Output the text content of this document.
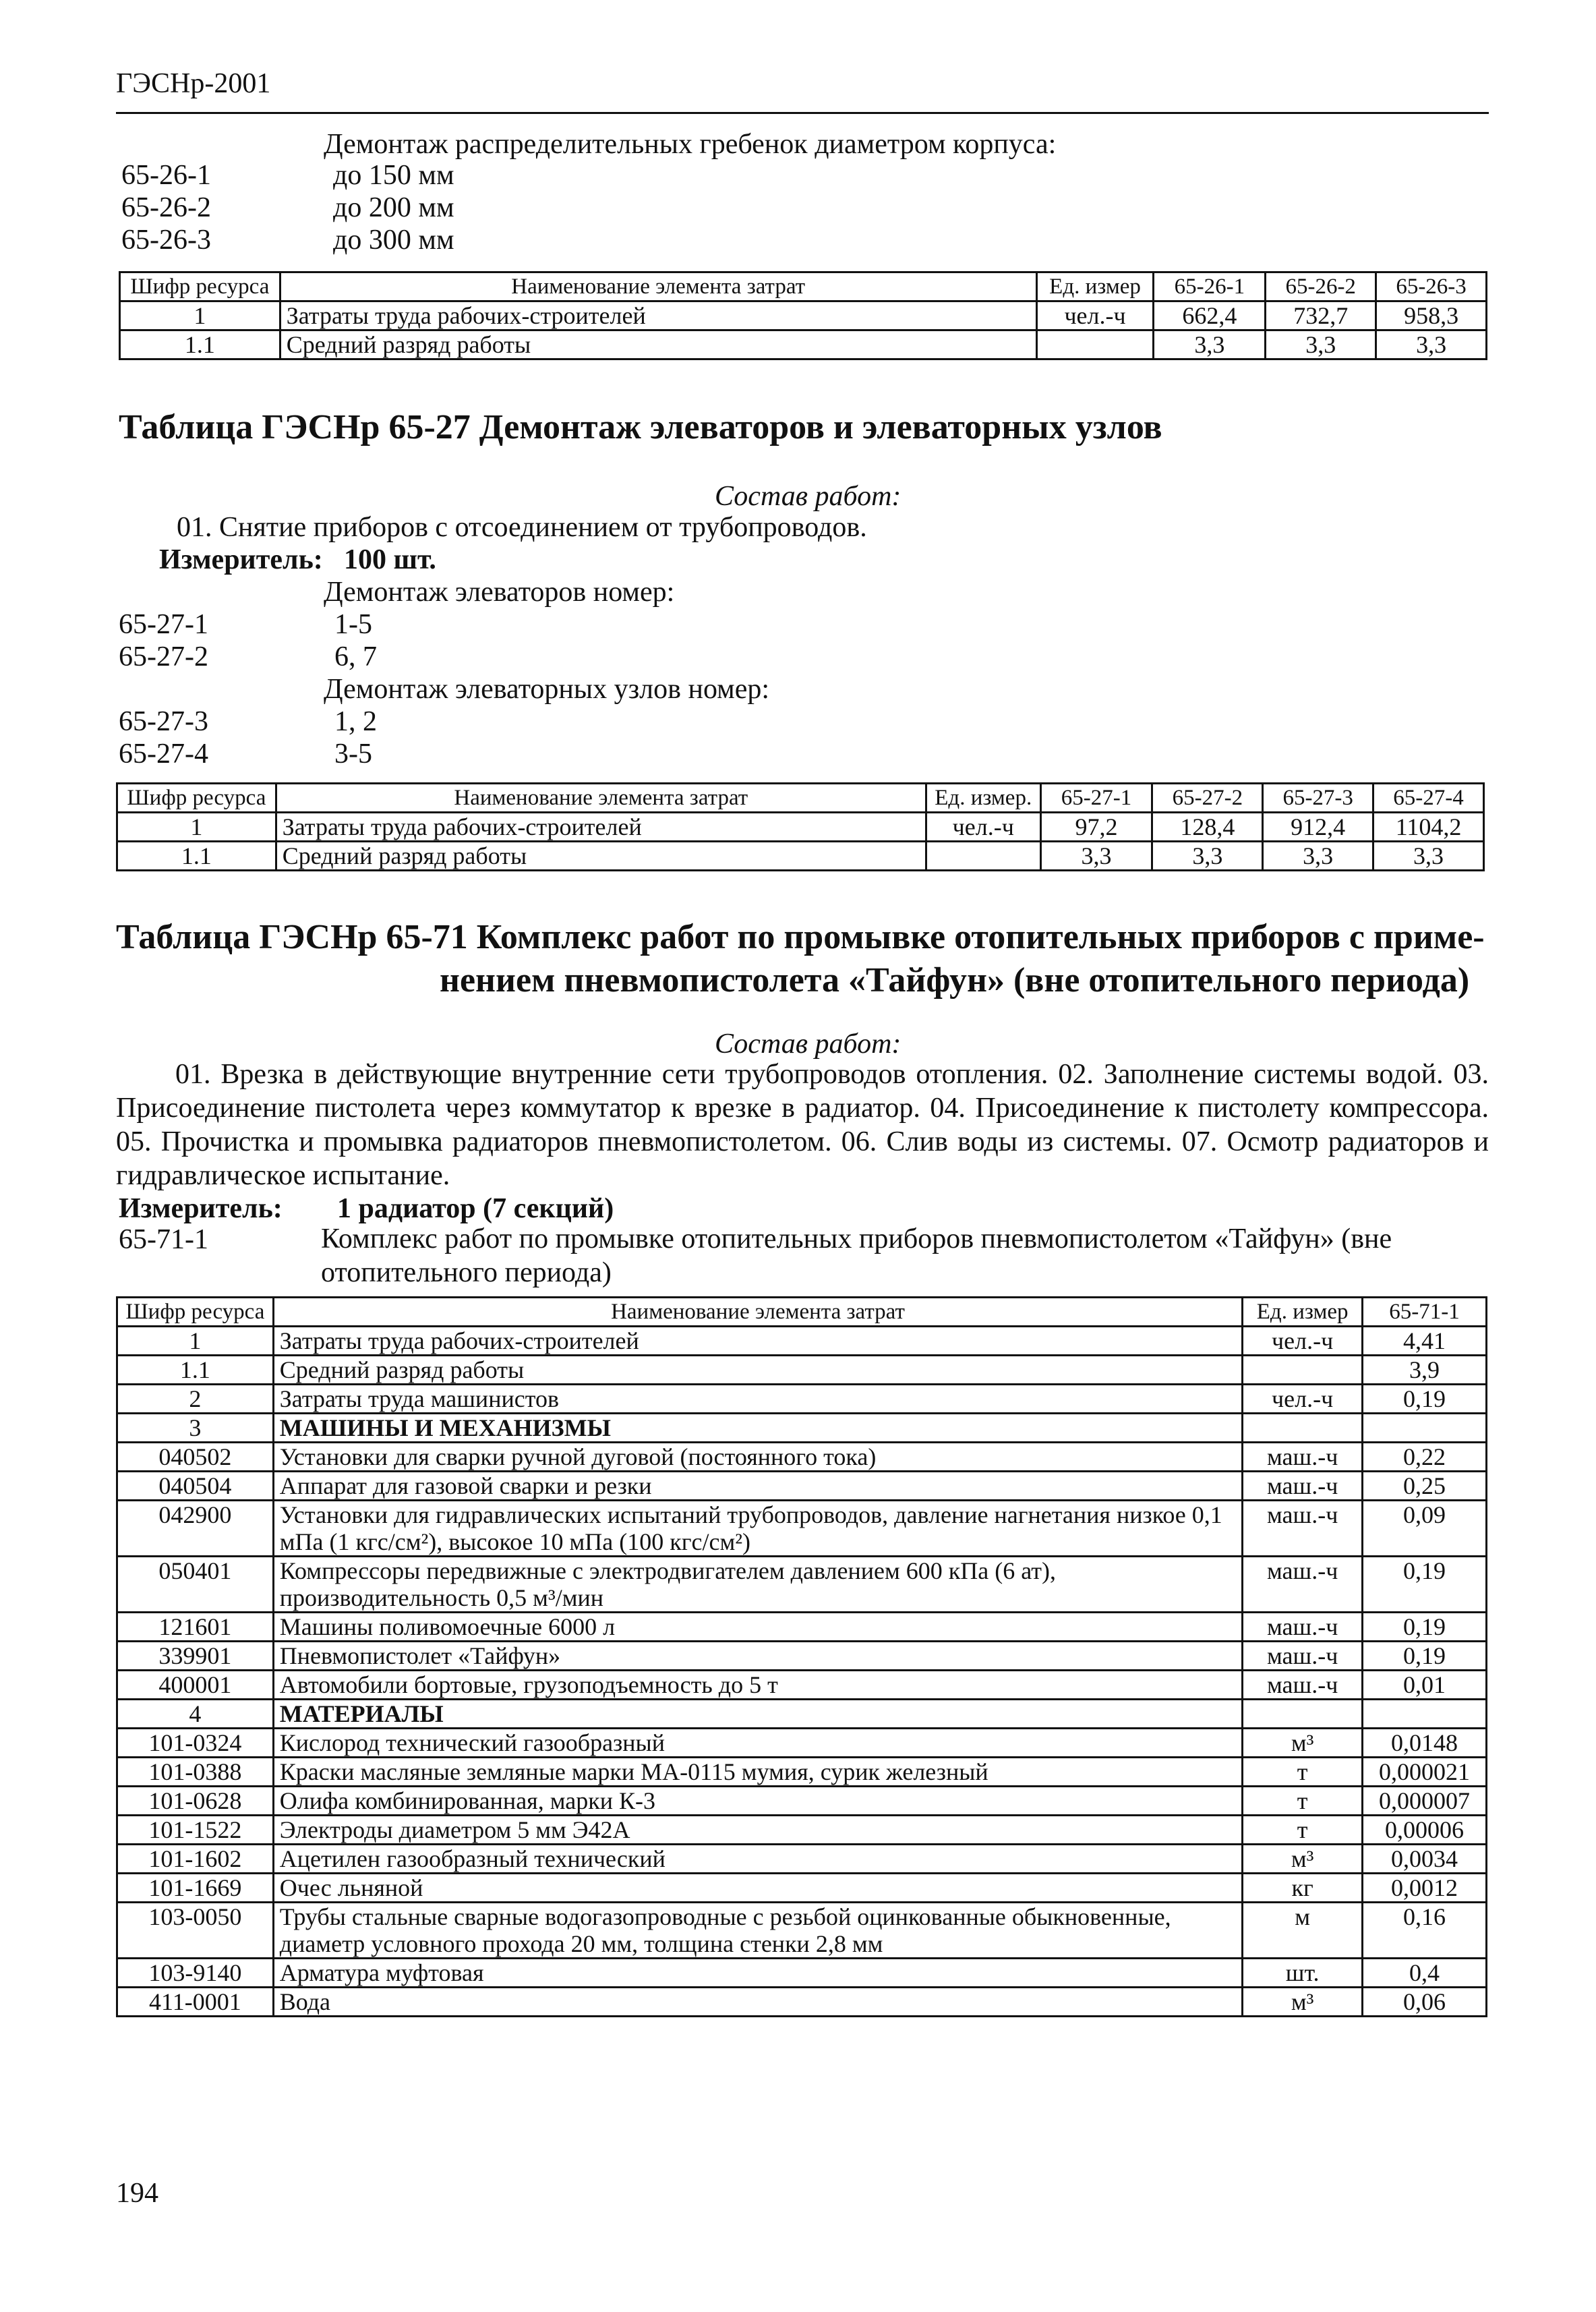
ГЭСНр-2001
Демонтаж распределительных гребенок диаметром корпуса:
65-26-1	до 150 мм
65-26-2	до 200 мм
65-26-3	до 300 мм
Шифр ресурса	Наименование элемента затрат	Ед. измер	65-26-1	65-26-2	65-26-3
1	Затраты труда рабочих-строителей	чел.-ч	662,4	732,7	958,3
1.1	Средний разряд работы		3,3	3,3	3,3
Таблица ГЭСНр 65-27 Демонтаж элеваторов и элеваторных узлов
Состав работ:
01. Снятие приборов с отсоединением от трубопроводов.
Измеритель: 100 шт.
Демонтаж элеваторов номер:
65-27-1	1-5
65-27-2	6, 7
Демонтаж элеваторных узлов номер:
65-27-3	1, 2
65-27-4	3-5
Шифр ресурса	Наименование элемента затрат	Ед. измер.	65-27-1	65-27-2	65-27-3	65-27-4
1	Затраты труда рабочих-строителей	чел.-ч	97,2	128,4	912,4	1104,2
1.1	Средний разряд работы		3,3	3,3	3,3	3,3
Таблица ГЭСНр 65-71 Комплекс работ по промывке отопительных приборов с приме-
нением пневмопистолета «Тайфун» (вне отопительного периода)
Состав работ:
01. Врезка в действующие внутренние сети трубопроводов отопления. 02. Заполнение системы водой. 03. Присоединение пистолета через коммутатор к врезке в радиатор. 04. Присоединение к пистолету компрессора. 05. Прочистка и промывка радиаторов пневмопистолетом. 06. Слив воды из системы. 07. Осмотр радиаторов и гидравлическое испытание.
Измеритель: 1 радиатор (7 секций)
65-71-1	Комплекс работ по промывке отопительных приборов пневмопистолетом «Тайфун» (вне отопительного периода)
Шифр ресурса	Наименование элемента затрат	Ед. измер	65-71-1
1	Затраты труда рабочих-строителей	чел.-ч	4,41
1.1	Средний разряд работы		3,9
2	Затраты труда машинистов	чел.-ч	0,19
3	МАШИНЫ И МЕХАНИЗМЫ		
040502	Установки для сварки ручной дуговой (постоянного тока)	маш.-ч	0,22
040504	Аппарат для газовой сварки и резки	маш.-ч	0,25
042900	Установки для гидравлических испытаний трубопроводов, давление нагнетания низкое 0,1 мПа (1 кгс/см²), высокое 10 мПа (100 кгс/см²)	маш.-ч	0,09
050401	Компрессоры передвижные с электродвигателем давлением 600 кПа (6 ат), производительность 0,5 м³/мин	маш.-ч	0,19
121601	Машины поливомоечные 6000 л	маш.-ч	0,19
339901	Пневмопистолет «Тайфун»	маш.-ч	0,19
400001	Автомобили бортовые, грузоподъемность до 5 т	маш.-ч	0,01
4	МАТЕРИАЛЫ		
101-0324	Кислород технический газообразный	м³	0,0148
101-0388	Краски масляные земляные марки МА-0115 мумия, сурик железный	т	0,000021
101-0628	Олифа комбинированная, марки К-3	т	0,000007
101-1522	Электроды диаметром 5 мм Э42А	т	0,00006
101-1602	Ацетилен газообразный технический	м³	0,0034
101-1669	Очес льняной	кг	0,0012
103-0050	Трубы стальные сварные водогазопроводные с резьбой оцинкованные обыкновенные, диаметр условного прохода 20 мм, толщина стенки 2,8 мм	м	0,16
103-9140	Арматура муфтовая	шт.	0,4
411-0001	Вода	м³	0,06
194
